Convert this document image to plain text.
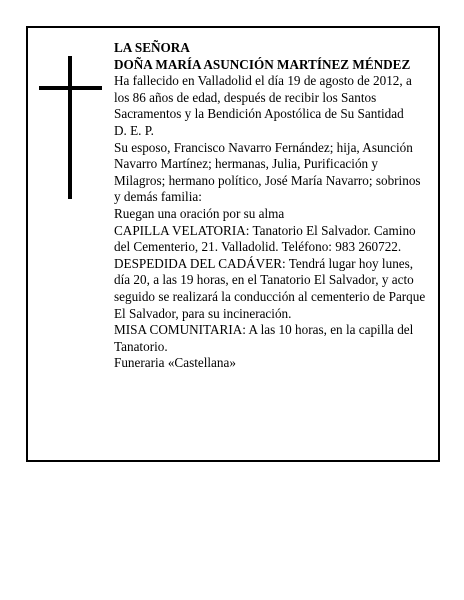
LA SEÑORA

DOÑA MARÍA ASUNCIÓN MARTÍNEZ MÉNDEZ

Ha fallecido en Valladolid el día 19 de agosto de 2012, a los 86 años de edad, después de recibir los Santos Sacramentos y la Bendición Apostólica de Su Santidad

D. E. P.

Su esposo, Francisco Navarro Fernández; hija, Asunción Navarro Martínez; hermanas, Julia, Purificación y Milagros; hermano político, José María Navarro; sobrinos y demás familia:

Ruegan una oración por su alma

CAPILLA VELATORIA: Tanatorio El Salvador. Camino del Cementerio, 21. Valladolid. Teléfono: 983 260722.

DESPEDIDA DEL CADÁVER: Tendrá lugar hoy lunes, día 20, a las 19 horas, en el Tanatorio El Salvador, y acto seguido se realizará la conducción al cementerio de Parque El Salvador, para su incineración.

MISA COMUNITARIA: A las 10 horas, en la capilla del Tanatorio.

Funeraria «Castellana»
